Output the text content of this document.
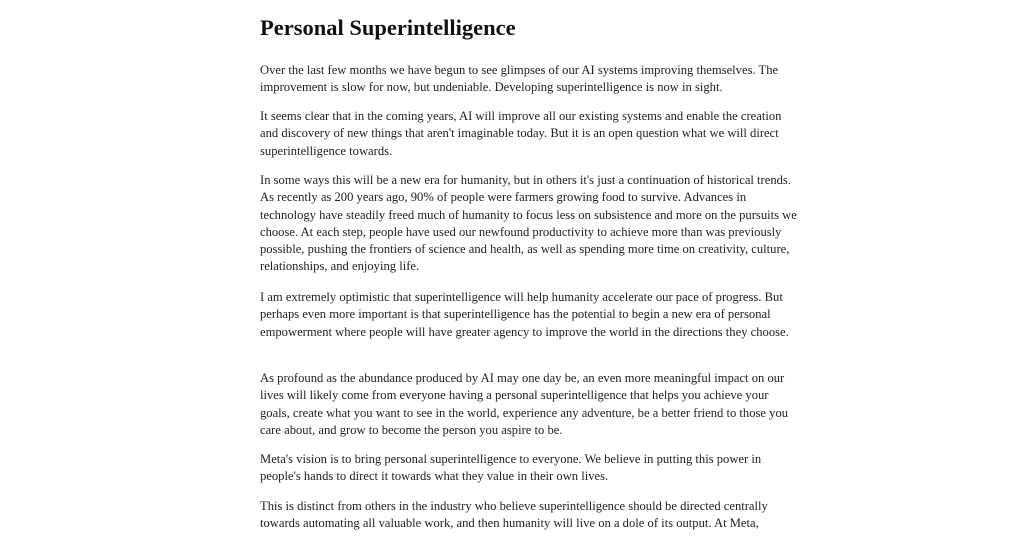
Personal Superintelligence

Over the last few months we have begun to see glimpses of our AI systems improving themselves. The improvement is slow for now, but undeniable. Developing superintelligence is now in sight.

It seems clear that in the coming years, AI will improve all our existing systems and enable the creation and discovery of new things that aren't imaginable today. But it is an open question what we will direct superintelligence towards.

In some ways this will be a new era for humanity, but in others it's just a continuation of historical trends. As recently as 200 years ago, 90% of people were farmers growing food to survive. Advances in technology have steadily freed much of humanity to focus less on subsistence and more on the pursuits we choose. At each step, people have used our newfound productivity to achieve more than was previously possible, pushing the frontiers of science and health, as well as spending more time on creativity, culture, relationships, and enjoying life.

I am extremely optimistic that superintelligence will help humanity accelerate our pace of progress. But perhaps even more important is that superintelligence has the potential to begin a new era of personal empowerment where people will have greater agency to improve the world in the directions they choose.

As profound as the abundance produced by AI may one day be, an even more meaningful impact on our lives will likely come from everyone having a personal superintelligence that helps you achieve your goals, create what you want to see in the world, experience any adventure, be a better friend to those you care about, and grow to become the person you aspire to be.

Meta's vision is to bring personal superintelligence to everyone. We believe in putting this power in people's hands to direct it towards what they value in their own lives.

This is distinct from others in the industry who believe superintelligence should be directed centrally towards automating all valuable work, and then humanity will live on a dole of its output. At Meta,
